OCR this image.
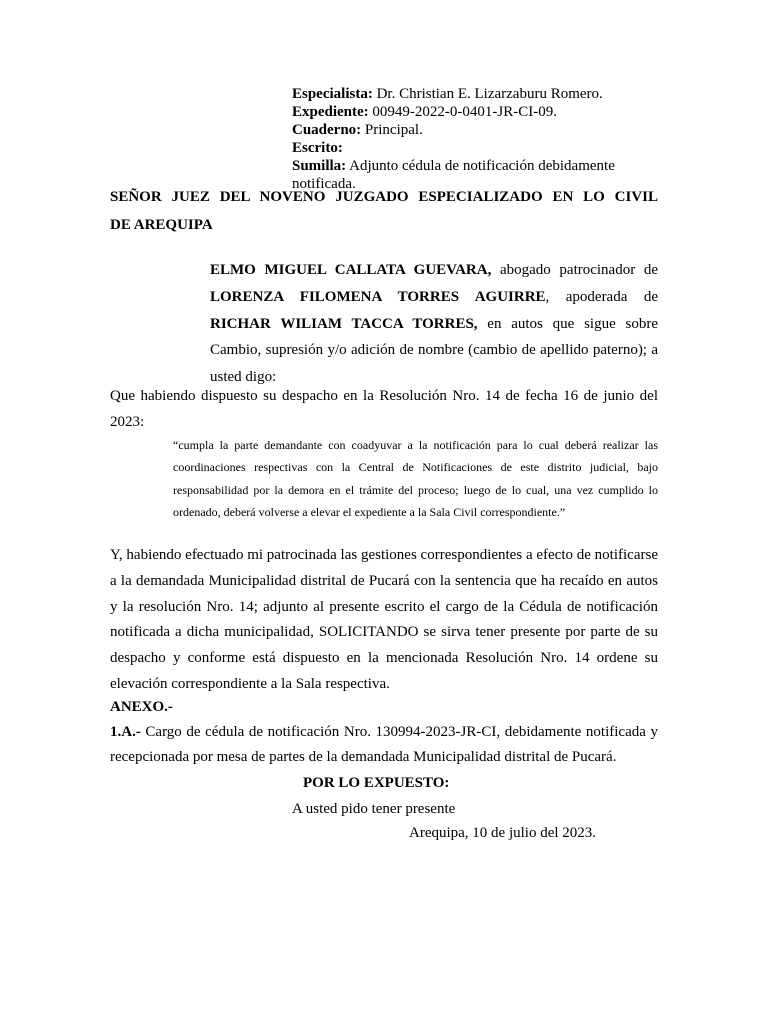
Especialista: Dr. Christian E. Lizarzaburu Romero.
Expediente: 00949-2022-0-0401-JR-CI-09.
Cuaderno: Principal.
Escrito:
Sumilla: Adjunto cédula de notificación debidamente notificada.
SEÑOR JUEZ DEL NOVENO JUZGADO ESPECIALIZADO EN LO CIVIL
DE AREQUIPA
ELMO MIGUEL CALLATA GUEVARA, abogado patrocinador de LORENZA FILOMENA TORRES AGUIRRE, apoderada de RICHAR WILIAM TACCA TORRES, en autos que sigue sobre Cambio, supresión y/o adición de nombre (cambio de apellido paterno); a usted digo:
Que habiendo dispuesto su despacho en la Resolución Nro. 14 de fecha 16 de junio del 2023:
“cumpla la parte demandante con coadyuvar a la notificación para lo cual deberá realizar las coordinaciones respectivas con la Central de Notificaciones de este distrito judicial, bajo responsabilidad por la demora en el trámite del proceso; luego de lo cual, una vez cumplido lo ordenado, deberá volverse a elevar el expediente a la Sala Civil correspondiente.”
Y, habiendo efectuado mi patrocinada las gestiones correspondientes a efecto de notificarse a la demandada Municipalidad distrital de Pucará con la sentencia que ha recaído en autos y la resolución Nro. 14; adjunto al presente escrito el cargo de la Cédula de notificación notificada a dicha municipalidad, SOLICITANDO se sirva tener presente por parte de su despacho y conforme está dispuesto en la mencionada Resolución Nro. 14 ordene su elevación correspondiente a la Sala respectiva.
ANEXO.-
1.A.- Cargo de cédula de notificación Nro. 130994-2023-JR-CI, debidamente notificada y recepcionada por mesa de partes de la demandada Municipalidad distrital de Pucará.
POR LO EXPUESTO:
A usted pido tener presente
Arequipa, 10 de julio del 2023.
